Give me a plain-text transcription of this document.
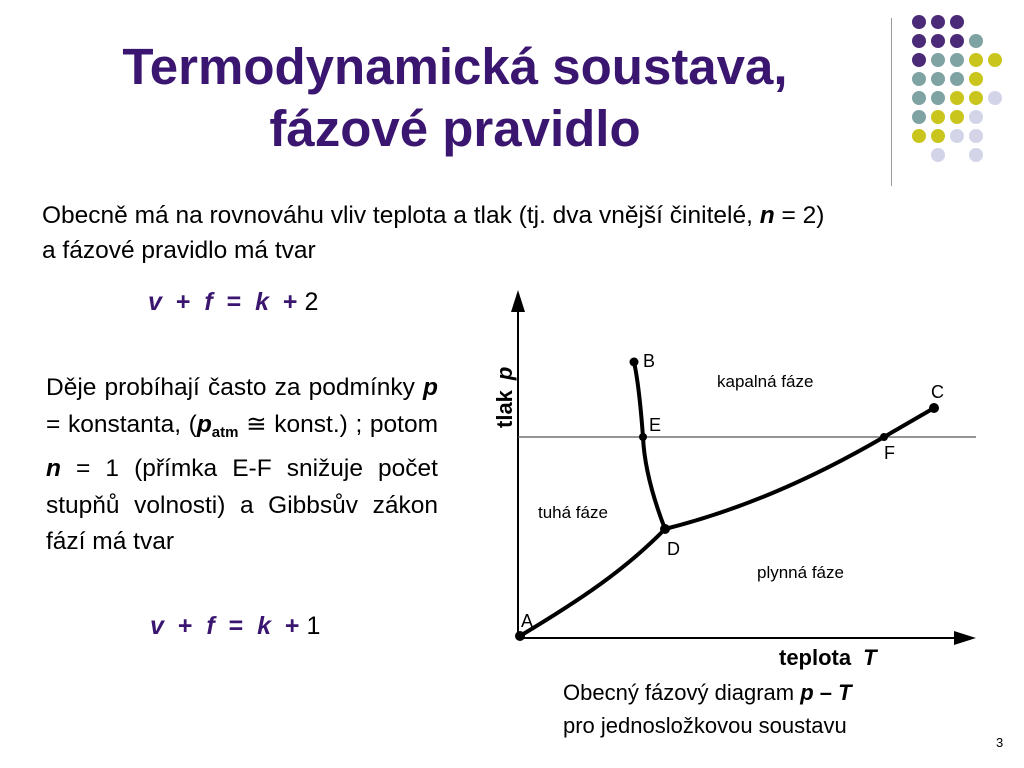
Termodynamická soustava,
fázové pravidlo
Obecně má na rovnováhu vliv teplota a tlak (tj. dva vnější činitelé, n = 2) a fázové pravidlo má tvar
v + f = k + 2
Děje probíhají často za podmínky p = konstanta, ($p_{atm}$ ≅ konst.) ; potom n = 1 (přímka E-F snižuje počet stupňů volnosti) a Gibbsův zákon fází má tvar
v + f = k + 1	A
B
C
D
E
F
kapalná fáze
tuhá fáze
plynná fáze
tlakp
teplota T
Obecný fázový diagram p – T
pro jednosložkovou soustavu
3
